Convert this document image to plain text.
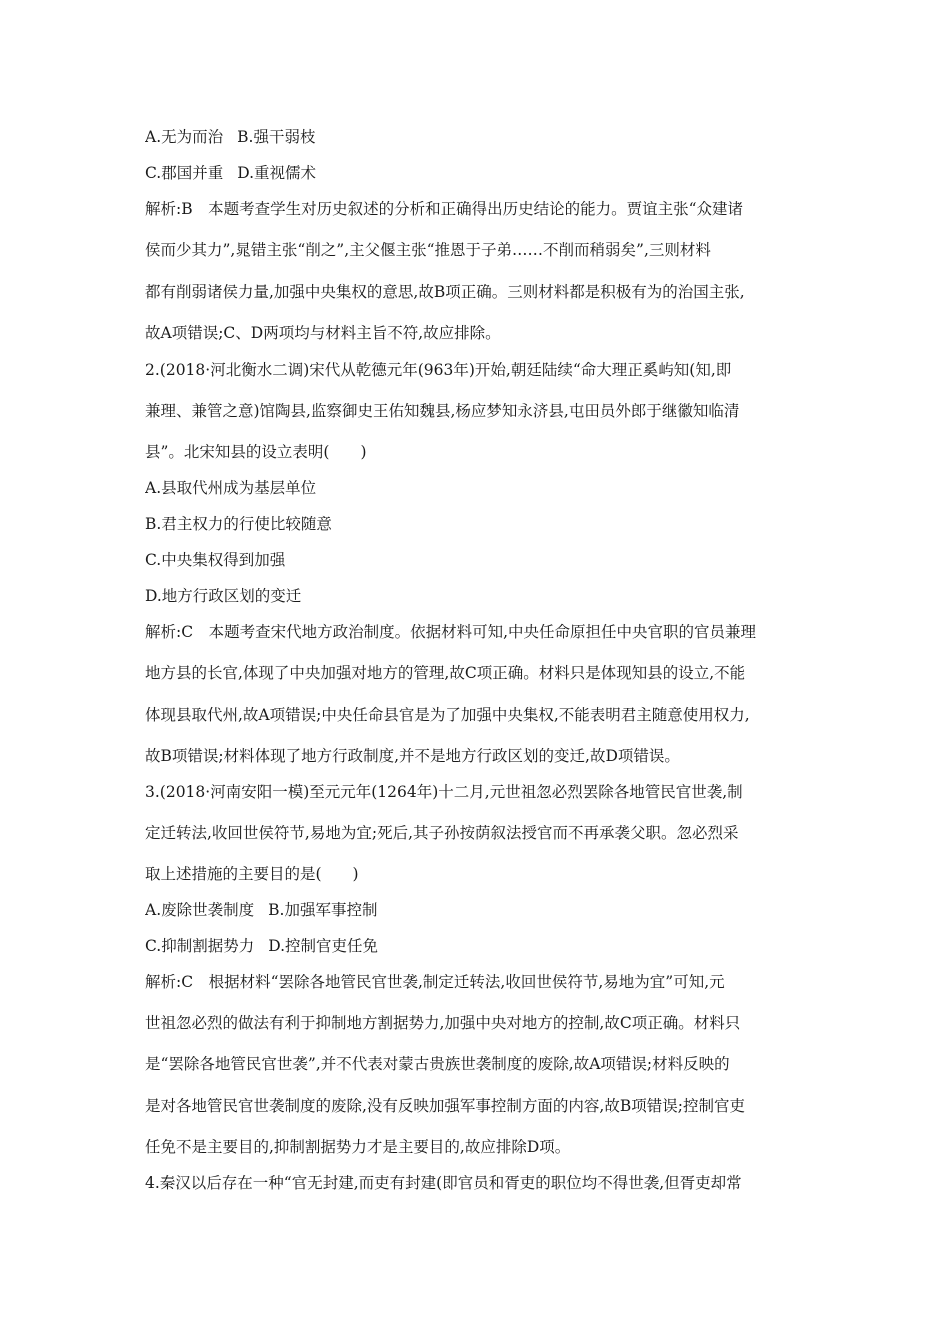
A.无为而治 B.强干弱枝
C.郡国并重 D.重视儒术
解析:B　本题考查学生对历史叙述的分析和正确得出历史结论的能力。贾谊主张“众建诸
侯而少其力”,晁错主张“削之”,主父偃主张“推恩于子弟……不削而稍弱矣”,三则材料
都有削弱诸侯力量,加强中央集权的意思,故B项正确。三则材料都是积极有为的治国主张,
故A项错误;C、D两项均与材料主旨不符,故应排除。
2.(2018·河北衡水二调)宋代从乾德元年(963年)开始,朝廷陆续“命大理正奚屿知(知,即
兼理、兼管之意)馆陶县,监察御史王佑知魏县,杨应梦知永济县,屯田员外郎于继徽知临清
县”。北宋知县的设立表明(　　)
A.县取代州成为基层单位
B.君主权力的行使比较随意
C.中央集权得到加强
D.地方行政区划的变迁
解析:C　本题考查宋代地方政治制度。依据材料可知,中央任命原担任中央官职的官员兼理
地方县的长官,体现了中央加强对地方的管理,故C项正确。材料只是体现知县的设立,不能
体现县取代州,故A项错误;中央任命县官是为了加强中央集权,不能表明君主随意使用权力,
故B项错误;材料体现了地方行政制度,并不是地方行政区划的变迁,故D项错误。
3.(2018·河南安阳一模)至元元年(1264年)十二月,元世祖忽必烈罢除各地管民官世袭,制
定迁转法,收回世侯符节,易地为宜;死后,其子孙按荫叙法授官而不再承袭父职。忽必烈采
取上述措施的主要目的是(　　)
A.废除世袭制度 B.加强军事控制
C.抑制割据势力 D.控制官吏任免
解析:C　根据材料“罢除各地管民官世袭,制定迁转法,收回世侯符节,易地为宜”可知,元
世祖忽必烈的做法有利于抑制地方割据势力,加强中央对地方的控制,故C项正确。材料只
是“罢除各地管民官世袭”,并不代表对蒙古贵族世袭制度的废除,故A项错误;材料反映的
是对各地管民官世袭制度的废除,没有反映加强军事控制方面的内容,故B项错误;控制官吏
任免不是主要目的,抑制割据势力才是主要目的,故应排除D项。
4.秦汉以后存在一种“官无封建,而吏有封建(即官员和胥吏的职位均不得世袭,但胥吏却常
